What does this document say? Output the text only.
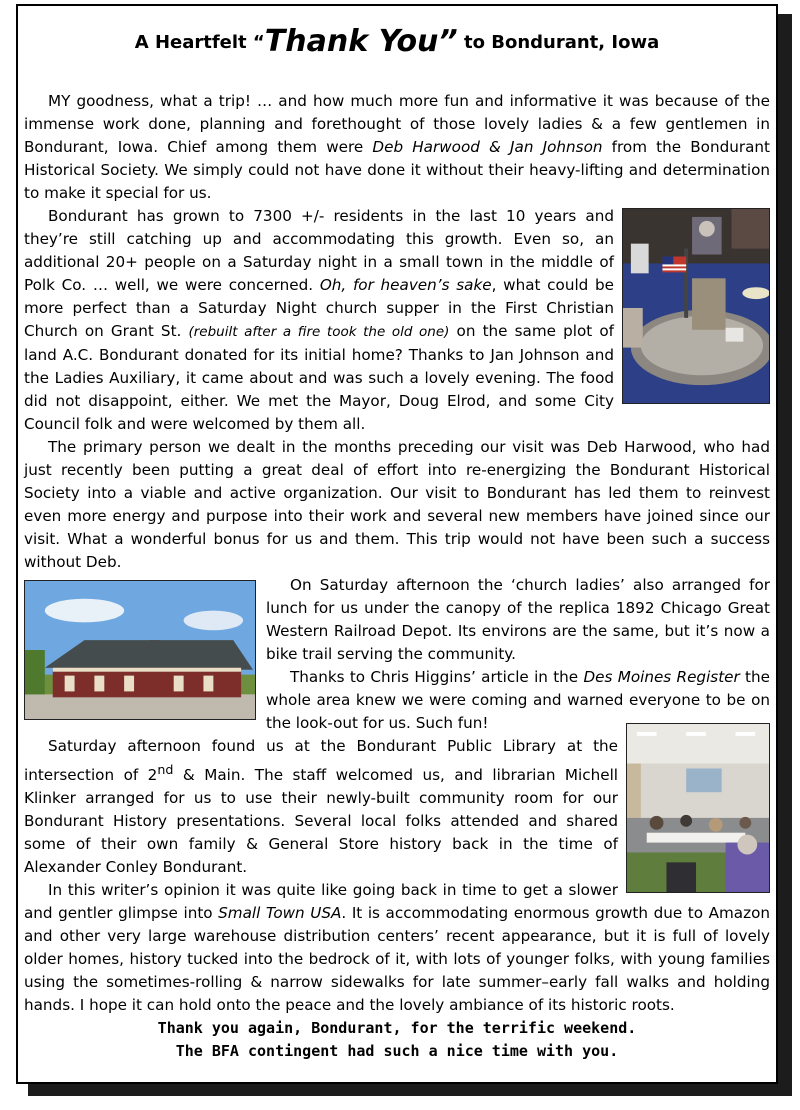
A Heartfelt “Thank You” to Bondurant, Iowa

MY goodness, what a trip! … and how much more fun and informative it was because of the immense work done, planning and forethought of those lovely ladies & a few gentlemen in Bondurant, Iowa. Chief among them were Deb Harwood & Jan Johnson from the Bondurant Historical Society. We simply could not have done it without their heavy-lifting and determination to make it special for us.

Bondurant has grown to 7300 +/- residents in the last 10 years and they’re still catching up and accommodating this growth. Even so, an additional 20+ people on a Saturday night in a small town in the middle of Polk Co. … well, we were concerned. Oh, for heaven’s sake, what could be more perfect than a Saturday Night church supper in the First Christian Church on Grant St. (rebuilt after a fire took the old one) on the same plot of land A.C. Bondurant donated for its initial home? Thanks to Jan Johnson and the Ladies Auxiliary, it came about and was such a lovely evening. The food did not disappoint, either. We met the Mayor, Doug Elrod, and some City Council folk and were welcomed by them all.

The primary person we dealt in the months preceding our visit was Deb Harwood, who had just recently been putting a great deal of effort into re-energizing the Bondurant Historical Society into a viable and active organization. Our visit to Bondurant has led them to reinvest even more energy and purpose into their work and several new members have joined since our visit. What a wonderful bonus for us and them. This trip would not have been such a success without Deb.

On Saturday afternoon the ‘church ladies’ also arranged for lunch for us under the canopy of the replica 1892 Chicago Great Western Railroad Depot. Its environs are the same, but it’s now a bike trail serving the community.

Thanks to Chris Higgins’ article in the Des Moines Register the whole area knew we were coming and warned everyone to be on the look-out for us. Such fun!

Saturday afternoon found us at the Bondurant Public Library at the intersection of 2nd & Main. The staff welcomed us, and librarian Michell Klinker arranged for us to use their newly-built community room for our Bondurant History presentations. Several local folks attended and shared some of their own family & General Store history back in the time of Alexander Conley Bondurant.

In this writer’s opinion it was quite like going back in time to get a slower and gentler glimpse into Small Town USA. It is accommodating enormous growth due to Amazon and other very large warehouse distribution centers’ recent appearance, but it is full of lovely older homes, history tucked into the bedrock of it, with lots of younger folks, with young families using the sometimes-rolling & narrow sidewalks for late summer–early fall walks and holding hands. I hope it can hold onto the peace and the lovely ambiance of its historic roots.

Thank you again, Bondurant, for the terrific weekend.

The BFA contingent had such a nice time with you.
